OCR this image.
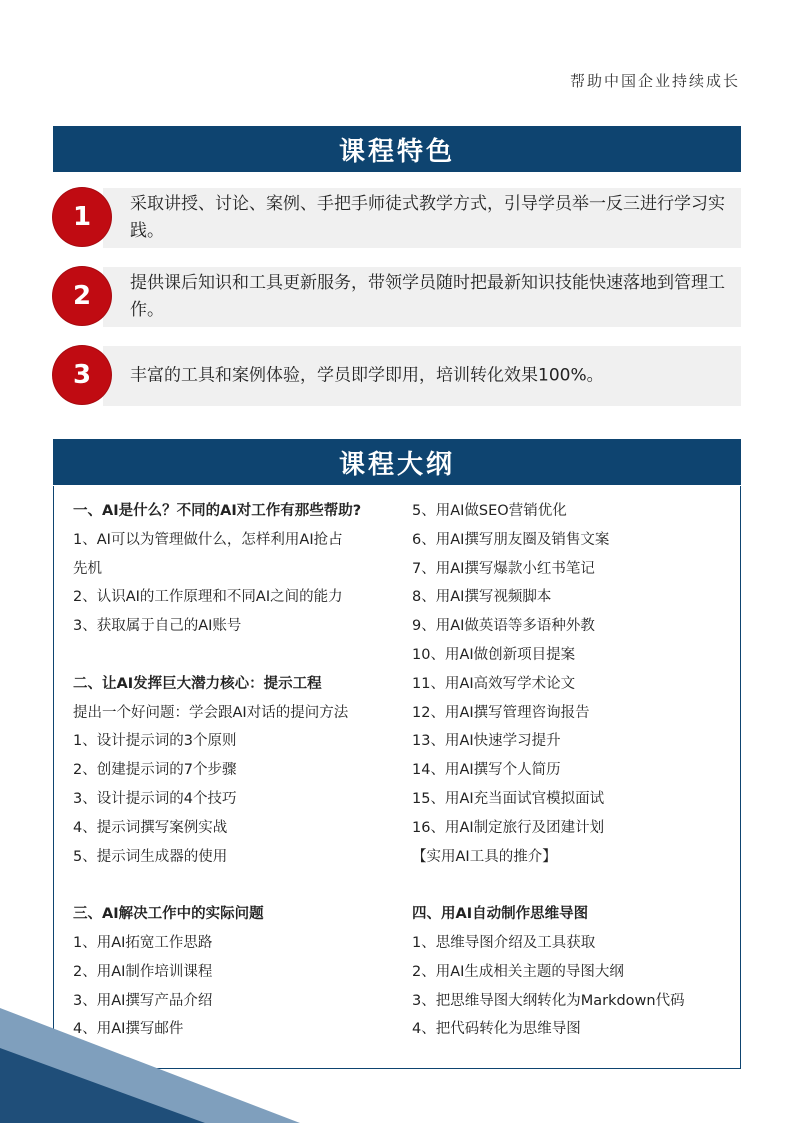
帮助中国企业持续成长
课程特色
1	采取讲授、讨论、案例、手把手师徒式教学方式，引导学员举一反三进行学习实践。
2	提供课后知识和工具更新服务，带领学员随时把最新知识技能快速落地到管理工作。
3	丰富的工具和案例体验，学员即学即用，培训转化效果100%。
课程大纲
一、AI是什么？不同的AI对工作有那些帮助?
1、AI可以为管理做什么，怎样利用AI抢占
先机
2、认识AI的工作原理和不同AI之间的能力
3、获取属于自己的AI账号
二、让AI发挥巨大潜力核心：提示工程
提出一个好问题：学会跟AI对话的提问方法
1、设计提示词的3个原则
2、创建提示词的7个步骤
3、设计提示词的4个技巧
4、提示词撰写案例实战
5、提示词生成器的使用
三、AI解决工作中的实际问题
1、用AI拓宽工作思路
2、用AI制作培训课程
3、用AI撰写产品介绍
4、用AI撰写邮件
5、用AI做SEO营销优化
6、用AI撰写朋友圈及销售文案
7、用AI撰写爆款小红书笔记
8、用AI撰写视频脚本
9、用AI做英语等多语种外教
10、用AI做创新项目提案
11、用AI高效写学术论文
12、用AI撰写管理咨询报告
13、用AI快速学习提升
14、用AI撰写个人简历
15、用AI充当面试官模拟面试
16、用AI制定旅行及团建计划
【实用AI工具的推介】
四、用AI自动制作思维导图
1、思维导图介绍及工具获取
2、用AI生成相关主题的导图大纲
3、把思维导图大纲转化为Markdown代码
4、把代码转化为思维导图
